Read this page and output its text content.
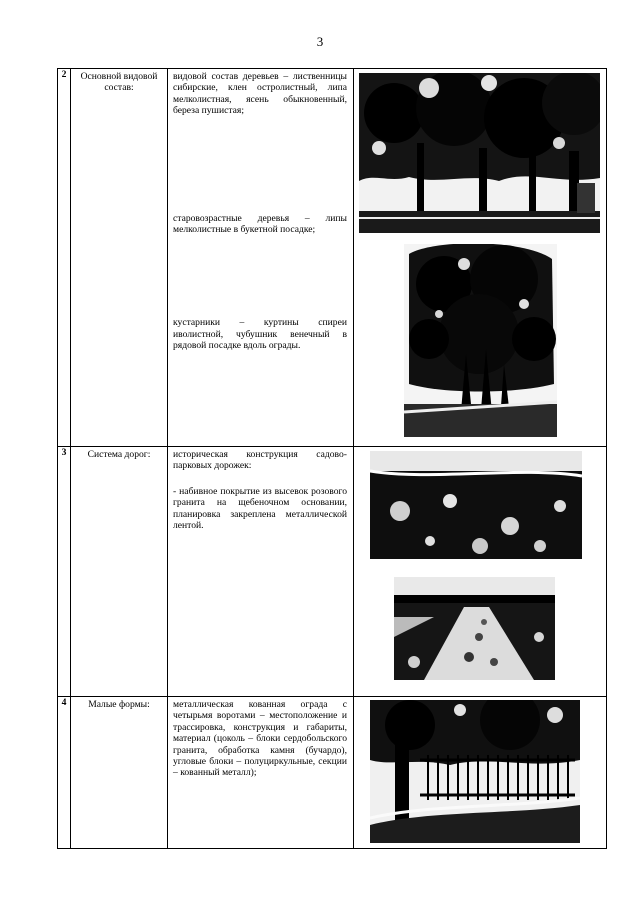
3
2	Основной видовой состав:	видовой состав деревьев – лиственницы сибирские, клен остролистный, липа мелколистная, ясень обыкновенный, береза пушистая;
старовозрастные деревья – липы мелколистные в букетной посадке;
кустарники – куртины спиреи иволистной, чубушник венечный в рядовой посадке вдоль ограды.

3	Система дорог:	историческая конструкция садово-парковых дорожек:
- набивное покрытие из высевок розового гранита на щебеночном основании, планировка закреплена металлической лентой.

4	Малые формы:	металлическая кованная ограда с четырьмя воротами – местоположение и трассировка, конструкция и габариты, материал (цоколь – блоки сердобольского гранита, обработка камня (бучардо), угловые блоки – полуциркульные, секции – кованный металл);
